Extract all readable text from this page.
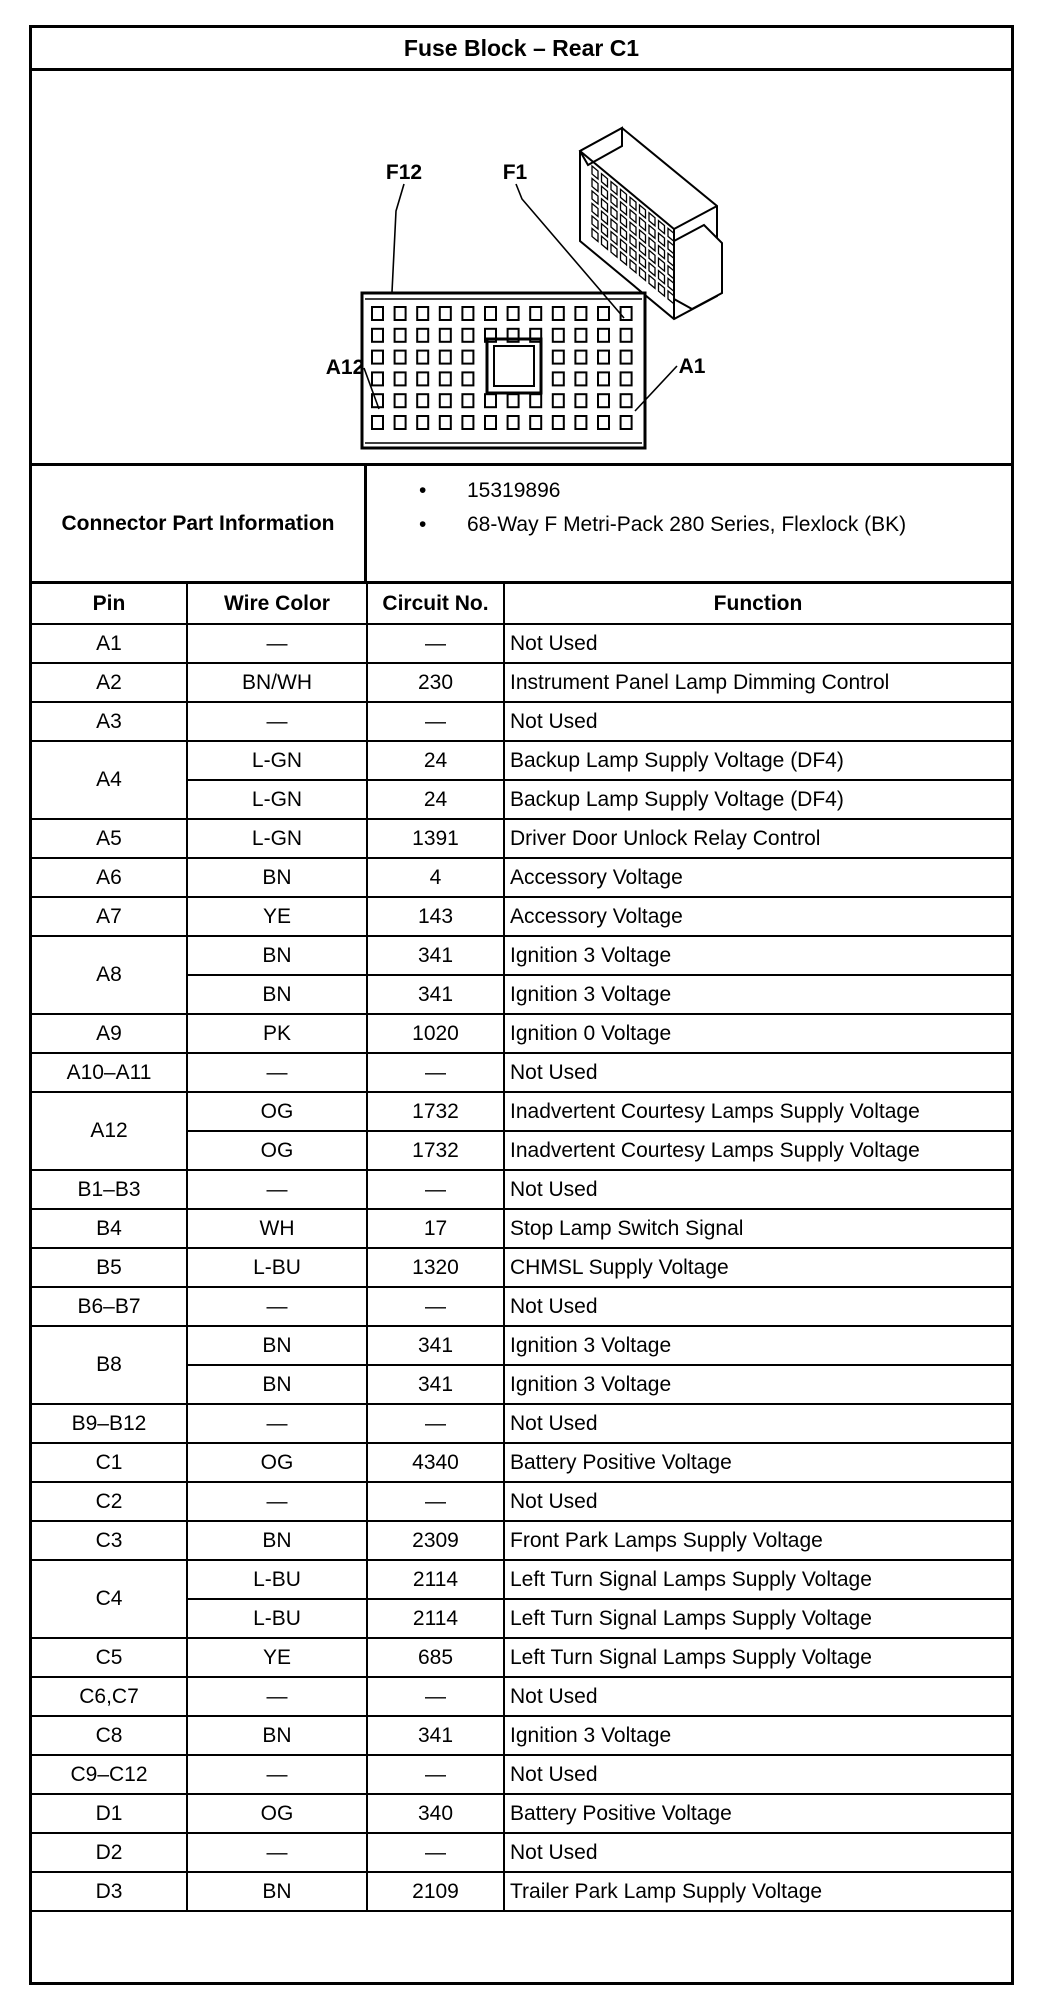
Fuse Block – Rear C1
F12	F1
A12	A1
Connector Part Information
• 15319896
• 68-Way F Metri-Pack 280 Series, Flexlock (BK)
Pin	Wire Color	Circuit No.	Function
A1	—	—	Not Used
A2	BN/WH	230	Instrument Panel Lamp Dimming Control
A3	—	—	Not Used
A4	L-GN	24	Backup Lamp Supply Voltage (DF4)
	L-GN	24	Backup Lamp Supply Voltage (DF4)
A5	L-GN	1391	Driver Door Unlock Relay Control
A6	BN	4	Accessory Voltage
A7	YE	143	Accessory Voltage
A8	BN	341	Ignition 3 Voltage
	BN	341	Ignition 3 Voltage
A9	PK	1020	Ignition 0 Voltage
A10–A11	—	—	Not Used
A12	OG	1732	Inadvertent Courtesy Lamps Supply Voltage
	OG	1732	Inadvertent Courtesy Lamps Supply Voltage
B1–B3	—	—	Not Used
B4	WH	17	Stop Lamp Switch Signal
B5	L-BU	1320	CHMSL Supply Voltage
B6–B7	—	—	Not Used
B8	BN	341	Ignition 3 Voltage
	BN	341	Ignition 3 Voltage
B9–B12	—	—	Not Used
C1	OG	4340	Battery Positive Voltage
C2	—	—	Not Used
C3	BN	2309	Front Park Lamps Supply Voltage
C4	L-BU	2114	Left Turn Signal Lamps Supply Voltage
	L-BU	2114	Left Turn Signal Lamps Supply Voltage
C5	YE	685	Left Turn Signal Lamps Supply Voltage
C6,C7	—	—	Not Used
C8	BN	341	Ignition 3 Voltage
C9–C12	—	—	Not Used
D1	OG	340	Battery Positive Voltage
D2	—	—	Not Used
D3	BN	2109	Trailer Park Lamp Supply Voltage
